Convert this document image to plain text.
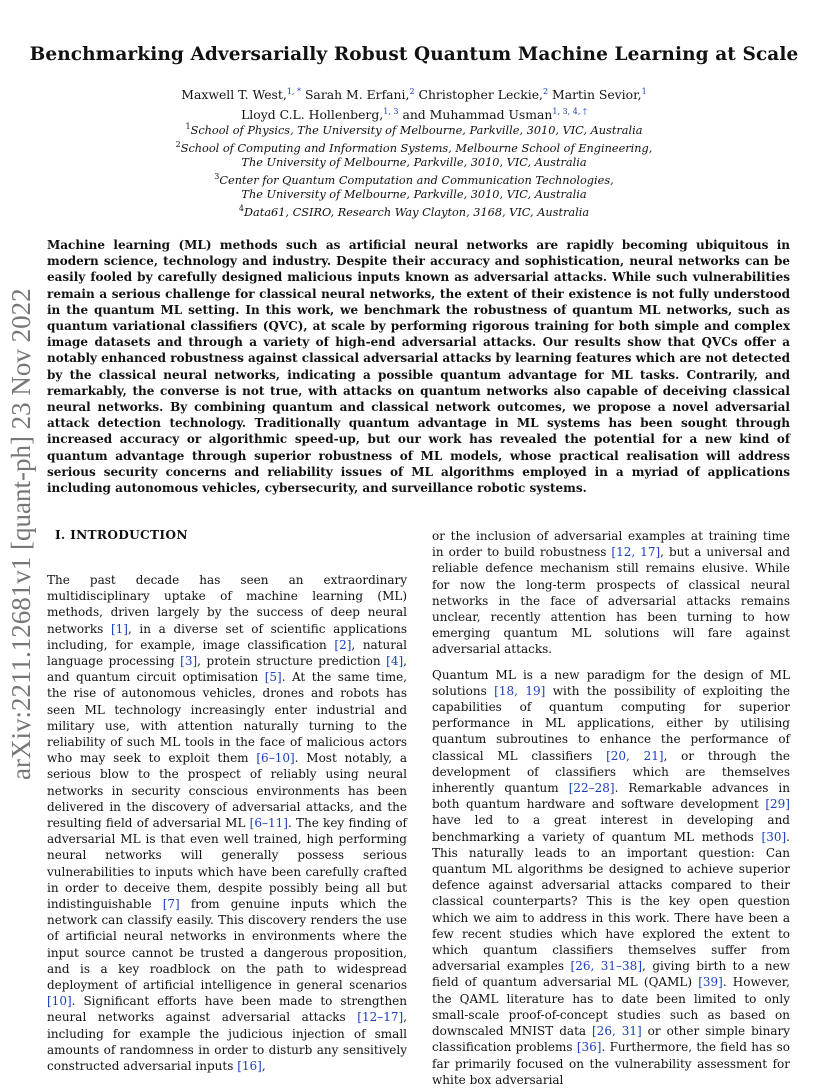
Benchmarking Adversarially Robust Quantum Machine Learning at Scale
Maxwell T. West,$^{1, *}$ Sarah M. Erfani,$^2$ Christopher Leckie,$^2$ Martin Sevior,$^1$
Lloyd C.L. Hollenberg,$^{1, 3}$ and Muhammad Usman$^{1, 3, 4, \dagger}$
$^1$School of Physics, The University of Melbourne, Parkville, 3010, VIC, Australia
$^2$School of Computing and Information Systems, Melbourne School of Engineering,
The University of Melbourne, Parkville, 3010, VIC, Australia
$^3$Center for Quantum Computation and Communication Technologies,
The University of Melbourne, Parkville, 3010, VIC, Australia
$^4$Data61, CSIRO, Research Way Clayton, 3168, VIC, Australia
arXiv:2211.12681v1 [quant-ph] 23 Nov 2022
Machine learning (ML) methods such as artificial neural networks are rapidly becoming ubiquitous in modern science, technology and industry. Despite their accuracy and sophistication, neural networks can be easily fooled by carefully designed malicious inputs known as adversarial attacks. While such vulnerabilities remain a serious challenge for classical neural networks, the extent of their existence is not fully understood in the quantum ML setting. In this work, we benchmark the robustness of quantum ML networks, such as quantum variational classifiers (QVC), at scale by performing rigorous training for both simple and complex image datasets and through a variety of high-end adversarial attacks. Our results show that QVCs offer a notably enhanced robustness against classical adversarial attacks by learning features which are not detected by the classical neural networks, indicating a possible quantum advantage for ML tasks. Contrarily, and remarkably, the converse is not true, with attacks on quantum networks also capable of deceiving classical neural networks. By combining quantum and classical network outcomes, we propose a novel adversarial attack detection technology. Traditionally quantum advantage in ML systems has been sought through increased accuracy or algorithmic speed-up, but our work has revealed the potential for a new kind of quantum advantage through superior robustness of ML models, whose practical realisation will address serious security concerns and reliability issues of ML algorithms employed in a myriad of applications including autonomous vehicles, cybersecurity, and surveillance robotic systems.
I. INTRODUCTION

The past decade has seen an extraordinary multidisciplinary uptake of machine learning (ML) methods, driven largely by the success of deep neural networks [1], in a diverse set of scientific applications including, for example, image classification [2], natural language processing [3], protein structure prediction [4], and quantum circuit optimisation [5]. At the same time, the rise of autonomous vehicles, drones and robots has seen ML technology increasingly enter industrial and military use, with attention naturally turning to the reliability of such ML tools in the face of malicious actors who may seek to exploit them [6–10]. Most notably, a serious blow to the prospect of reliably using neural networks in security conscious environments has been delivered in the discovery of adversarial attacks, and the resulting field of adversarial ML [6–11]. The key finding of adversarial ML is that even well trained, high performing neural networks will generally possess serious vulnerabilities to inputs which have been carefully crafted in order to deceive them, despite possibly being all but indistinguishable [7] from genuine inputs which the network can classify easily. This discovery renders the use of artificial neural networks in environments where the input source cannot be trusted a dangerous proposition, and is a key roadblock on the path to widespread deployment of artificial intelligence in general scenarios [10]. Significant efforts have been made to strengthen neural networks against adversarial attacks [12–17], including for example the judicious injection of small amounts of randomness in order to disturb any sensitively constructed adversarial inputs [16],

or the inclusion of adversarial examples at training time in order to build robustness [12, 17], but a universal and reliable defence mechanism still remains elusive. While for now the long-term prospects of classical neural networks in the face of adversarial attacks remains unclear, recently attention has been turning to how emerging quantum ML solutions will fare against adversarial attacks.

Quantum ML is a new paradigm for the design of ML solutions [18, 19] with the possibility of exploiting the capabilities of quantum computing for superior performance in ML applications, either by utilising quantum subroutines to enhance the performance of classical ML classifiers [20, 21], or through the development of classifiers which are themselves inherently quantum [22–28]. Remarkable advances in both quantum hardware and software development [29] have led to a great interest in developing and benchmarking a variety of quantum ML methods [30]. This naturally leads to an important question: Can quantum ML algorithms be designed to achieve superior defence against adversarial attacks compared to their classical counterparts? This is the key open question which we aim to address in this work. There have been a few recent studies which have explored the extent to which quantum classifiers themselves suffer from adversarial examples [26, 31–38], giving birth to a new field of quantum adversarial ML (QAML) [39]. However, the QAML literature has to date been limited to only small-scale proof-of-concept studies such as based on downscaled MNIST data [26, 31] or other simple binary classification problems [36]. Furthermore, the field has so far primarily focused on the vulnerability assessment for white box adversarial
